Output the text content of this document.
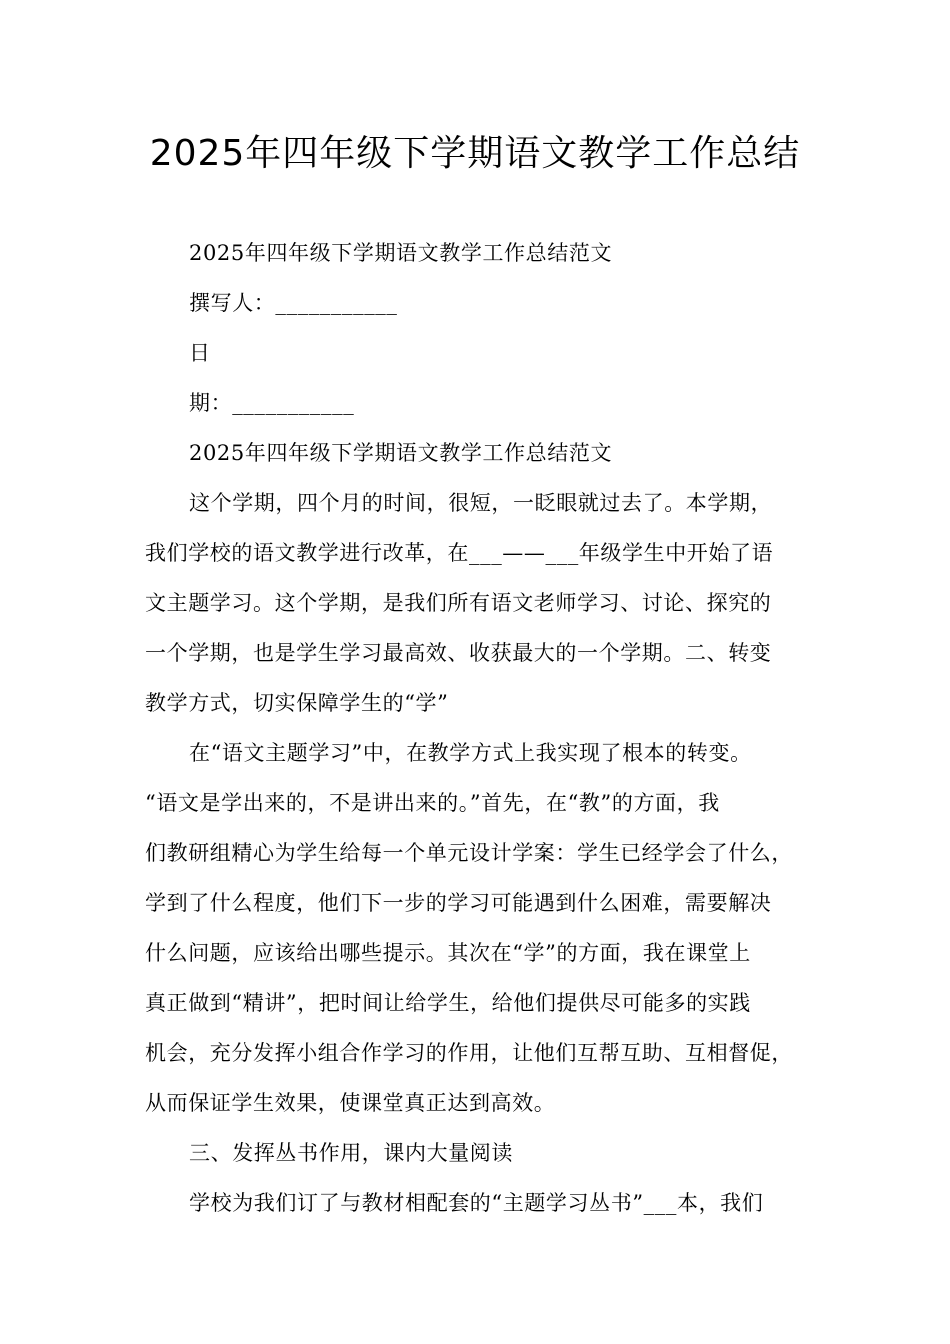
2025年四年级下学期语文教学工作总结
2025年四年级下学期语文教学工作总结范文
撰写人：___________
日
期：___________
2025年四年级下学期语文教学工作总结范文
这个学期，四个月的时间，很短，一眨眼就过去了。本学期，
我们学校的语文教学进行改革，在___——___年级学生中开始了语
文主题学习。这个学期，是我们所有语文老师学习、讨论、探究的
一个学期，也是学生学习最高效、收获最大的一个学期。二、转变
教学方式，切实保障学生的“学”
在“语文主题学习”中，在教学方式上我实现了根本的转变。
“语文是学出来的，不是讲出来的。”首先，在“教”的方面，我
们教研组精心为学生给每一个单元设计学案：学生已经学会了什么，
学到了什么程度，他们下一步的学习可能遇到什么困难，需要解决
什么问题，应该给出哪些提示。其次在“学”的方面，我在课堂上
真正做到“精讲”，把时间让给学生，给他们提供尽可能多的实践
机会，充分发挥小组合作学习的作用，让他们互帮互助、互相督促，
从而保证学生效果，使课堂真正达到高效。
三、发挥丛书作用，课内大量阅读
学校为我们订了与教材相配套的“主题学习丛书”___本，我们
